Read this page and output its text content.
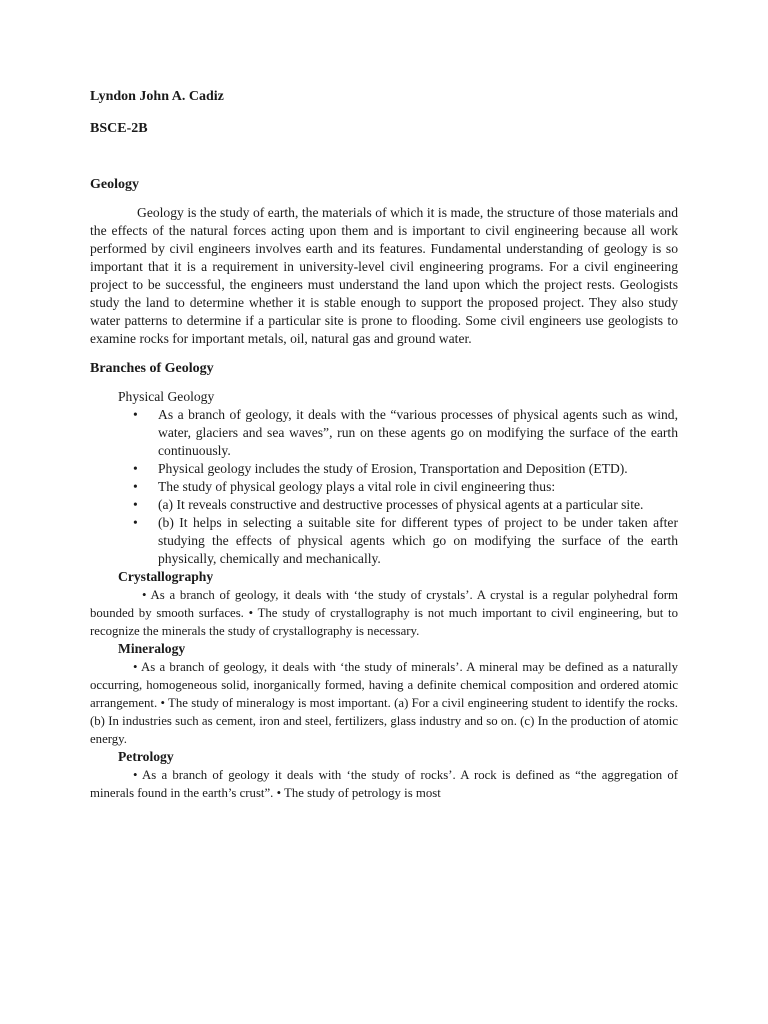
Lyndon John A. Cadiz

BSCE-2B

Geology

Geology is the study of earth, the materials of which it is made, the structure of those materials and the effects of the natural forces acting upon them and is important to civil engineering because all work performed by civil engineers involves earth and its features. Fundamental understanding of geology is so important that it is a requirement in university-level civil engineering programs. For a civil engineering project to be successful, the engineers must understand the land upon which the project rests. Geologists study the land to determine whether it is stable enough to support the proposed project. They also study water patterns to determine if a particular site is prone to flooding. Some civil engineers use geologists to examine rocks for important metals, oil, natural gas and ground water.

Branches of Geology

Physical Geology

• As a branch of geology, it deals with the “various processes of physical agents such as wind, water, glaciers and sea waves”, run on these agents go on modifying the surface of the earth continuously.
• Physical geology includes the study of Erosion, Transportation and Deposition (ETD).
• The study of physical geology plays a vital role in civil engineering thus:
• (a) It reveals constructive and destructive processes of physical agents at a particular site.
• (b) It helps in selecting a suitable site for different types of project to be under taken after studying the effects of physical agents which go on modifying the surface of the earth physically, chemically and mechanically.

Crystallography

• As a branch of geology, it deals with ‘the study of crystals’. A crystal is a regular polyhedral form bounded by smooth surfaces. • The study of crystallography is not much important to civil engineering, but to recognize the minerals the study of crystallography is necessary.

Mineralogy

• As a branch of geology, it deals with ‘the study of minerals’. A mineral may be defined as a naturally occurring, homogeneous solid, inorganically formed, having a definite chemical composition and ordered atomic arrangement. • The study of mineralogy is most important. (a) For a civil engineering student to identify the rocks. (b) In industries such as cement, iron and steel, fertilizers, glass industry and so on. (c) In the production of atomic energy.

Petrology

• As a branch of geology it deals with ‘the study of rocks’. A rock is defined as “the aggregation of minerals found in the earth’s crust”. • The study of petrology is most
